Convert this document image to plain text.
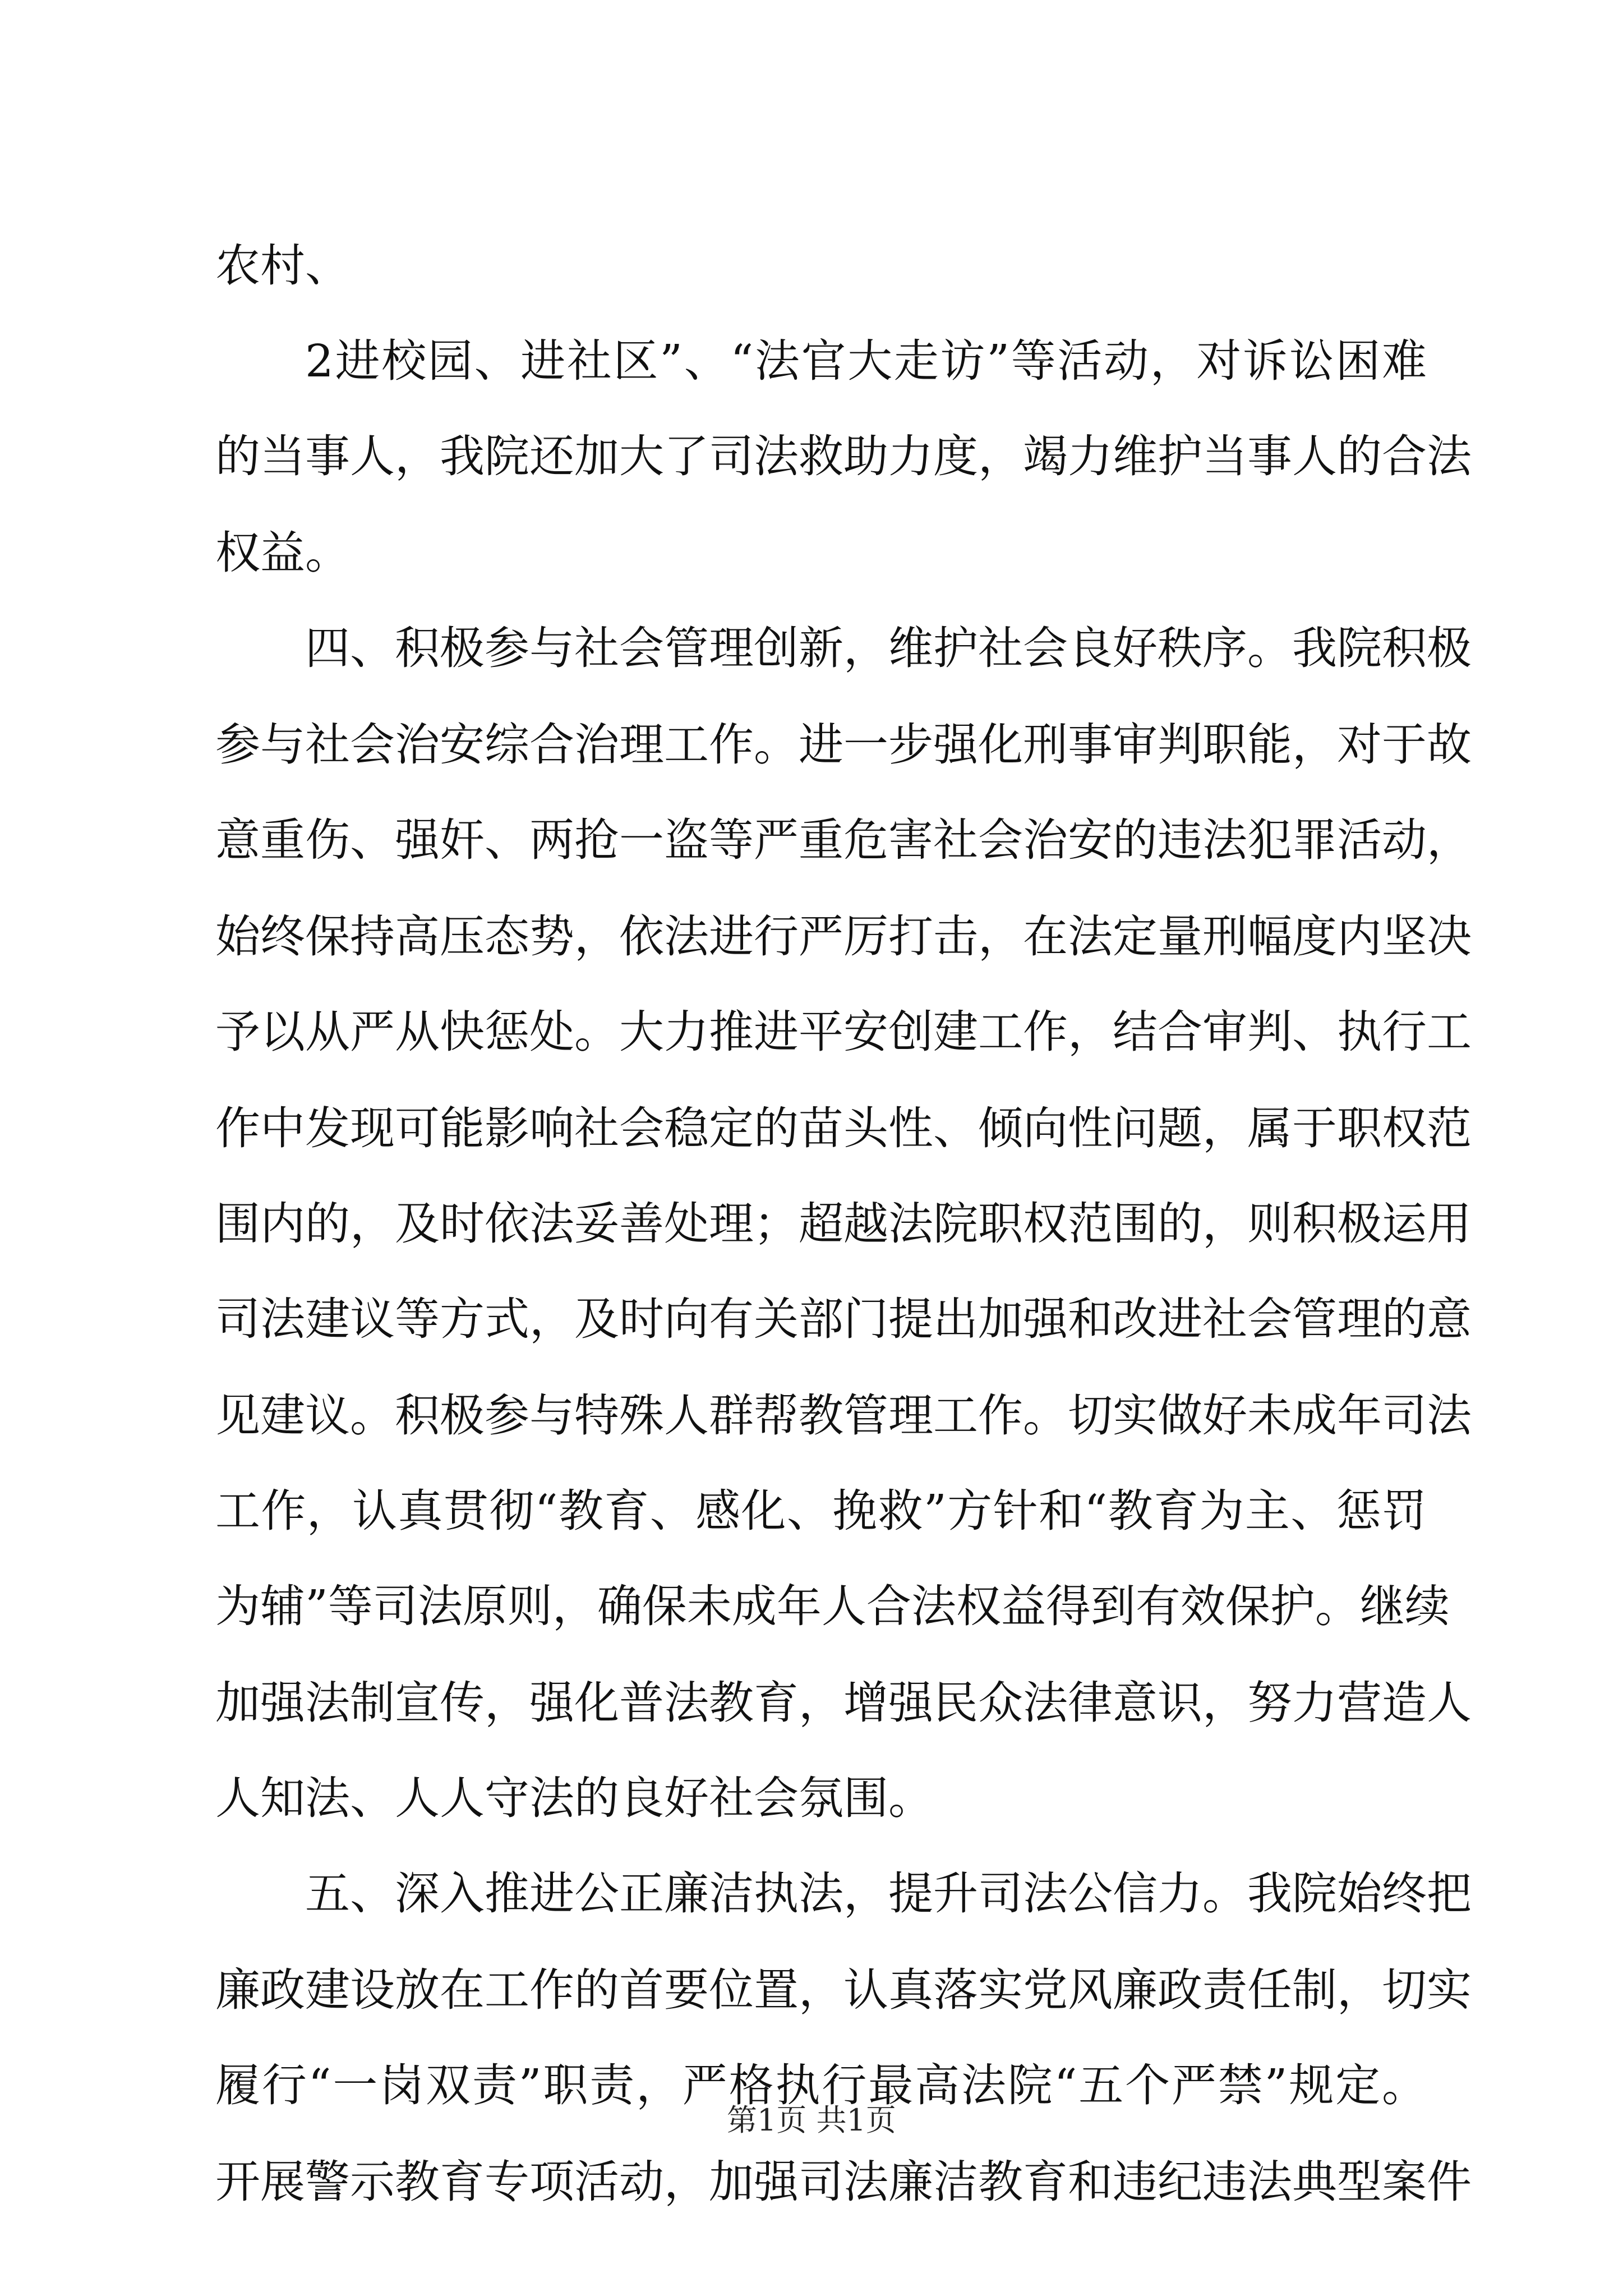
农村、
2进校园、进社区”、“法官大走访”等活动，对诉讼困难
的当事人，我院还加大了司法救助力度，竭力维护当事人的合法
权益。
四、积极参与社会管理创新，维护社会良好秩序。我院积极
参与社会治安综合治理工作。进一步强化刑事审判职能，对于故
意重伤、强奸、两抢一盗等严重危害社会治安的违法犯罪活动，
始终保持高压态势，依法进行严厉打击，在法定量刑幅度内坚决
予以从严从快惩处。大力推进平安创建工作，结合审判、执行工
作中发现可能影响社会稳定的苗头性、倾向性问题，属于职权范
围内的，及时依法妥善处理；超越法院职权范围的，则积极运用
司法建议等方式，及时向有关部门提出加强和改进社会管理的意
见建议。积极参与特殊人群帮教管理工作。切实做好未成年司法
工作，认真贯彻“教育、感化、挽救”方针和“教育为主、惩罚
为辅”等司法原则，确保未成年人合法权益得到有效保护。继续
加强法制宣传，强化普法教育，增强民众法律意识，努力营造人
人知法、人人守法的良好社会氛围。
五、深入推进公正廉洁执法，提升司法公信力。我院始终把
廉政建设放在工作的首要位置，认真落实党风廉政责任制，切实
履行“一岗双责”职责，严格执行最高法院“五个严禁”规定。
开展警示教育专项活动，加强司法廉洁教育和违纪违法典型案件
第1页 共1页
